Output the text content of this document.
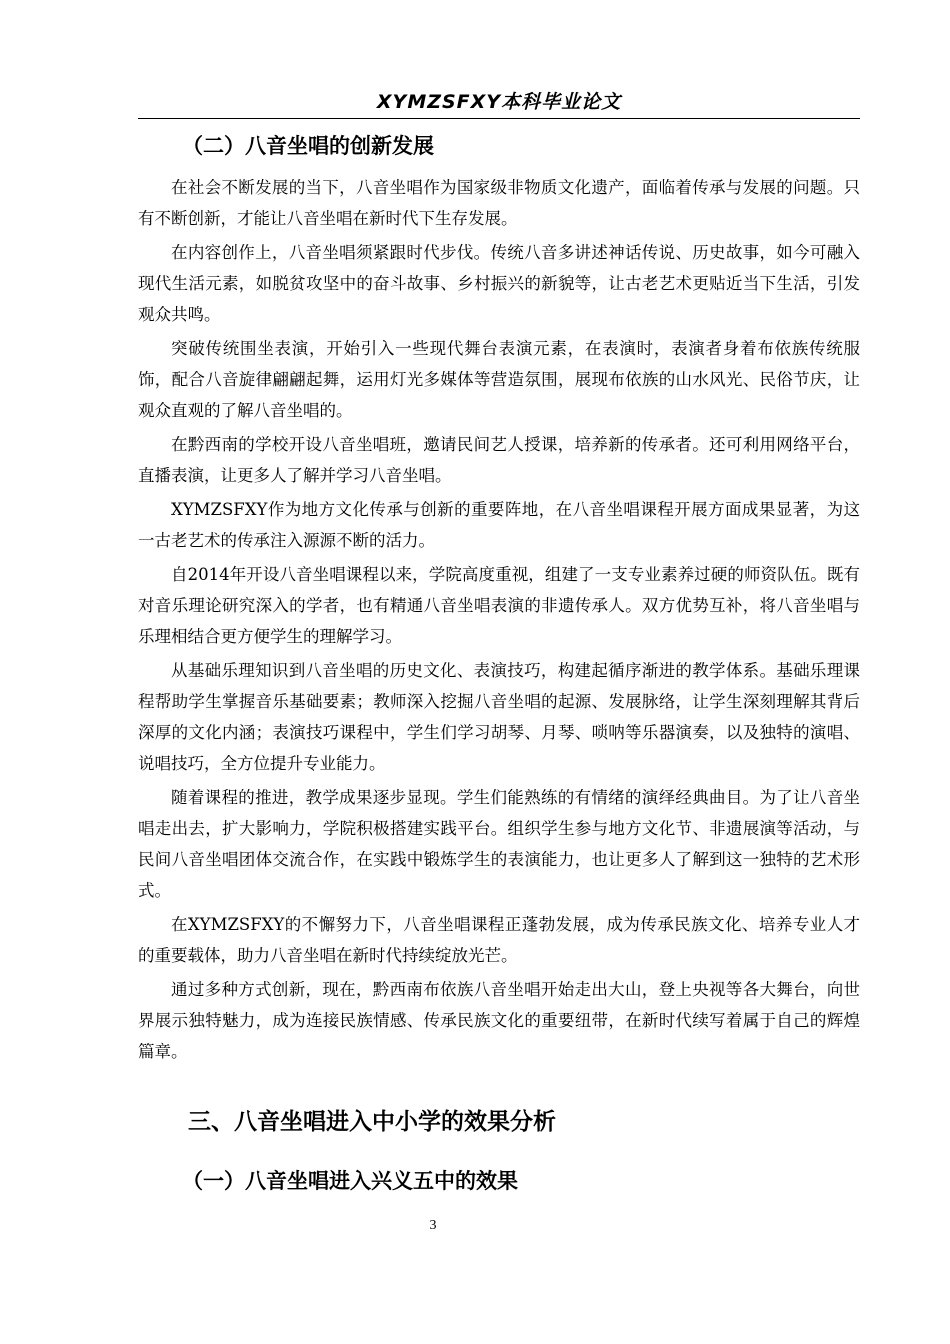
XYMZSFXY本科毕业论文
（二）八音坐唱的创新发展

在社会不断发展的当下，八音坐唱作为国家级非物质文化遗产，面临着传承与发展的问题。只有不断创新，才能让八音坐唱在新时代下生存发展。

在内容创作上，八音坐唱须紧跟时代步伐。传统八音多讲述神话传说、历史故事，如今可融入现代生活元素，如脱贫攻坚中的奋斗故事、乡村振兴的新貌等，让古老艺术更贴近当下生活，引发观众共鸣。

突破传统围坐表演，开始引入一些现代舞台表演元素，在表演时，表演者身着布依族传统服饰，配合八音旋律翩翩起舞，运用灯光多媒体等营造氛围，展现布依族的山水风光、民俗节庆，让观众直观的了解八音坐唱的。

在黔西南的学校开设八音坐唱班，邀请民间艺人授课，培养新的传承者。还可利用网络平台，直播表演，让更多人了解并学习八音坐唱。

XYMZSFXY作为地方文化传承与创新的重要阵地，在八音坐唱课程开展方面成果显著，为这一古老艺术的传承注入源源不断的活力。

自2014年开设八音坐唱课程以来，学院高度重视，组建了一支专业素养过硬的师资队伍。既有对音乐理论研究深入的学者，也有精通八音坐唱表演的非遗传承人。双方优势互补，将八音坐唱与乐理相结合更方便学生的理解学习。

从基础乐理知识到八音坐唱的历史文化、表演技巧，构建起循序渐进的教学体系。基础乐理课程帮助学生掌握音乐基础要素；教师深入挖掘八音坐唱的起源、发展脉络，让学生深刻理解其背后深厚的文化内涵；表演技巧课程中，学生们学习胡琴、月琴、唢呐等乐器演奏，以及独特的演唱、说唱技巧，全方位提升专业能力。

随着课程的推进，教学成果逐步显现。学生们能熟练的有情绪的演绎经典曲目。为了让八音坐唱走出去，扩大影响力，学院积极搭建实践平台。组织学生参与地方文化节、非遗展演等活动，与民间八音坐唱团体交流合作，在实践中锻炼学生的表演能力，也让更多人了解到这一独特的艺术形式。

在XYMZSFXY的不懈努力下，八音坐唱课程正蓬勃发展，成为传承民族文化、培养专业人才的重要载体，助力八音坐唱在新时代持续绽放光芒。

通过多种方式创新，现在，黔西南布依族八音坐唱开始走出大山，登上央视等各大舞台，向世界展示独特魅力，成为连接民族情感、传承民族文化的重要纽带，在新时代续写着属于自己的辉煌篇章。

三、八音坐唱进入中小学的效果分析
（一）八音坐唱进入兴义五中的效果
3
